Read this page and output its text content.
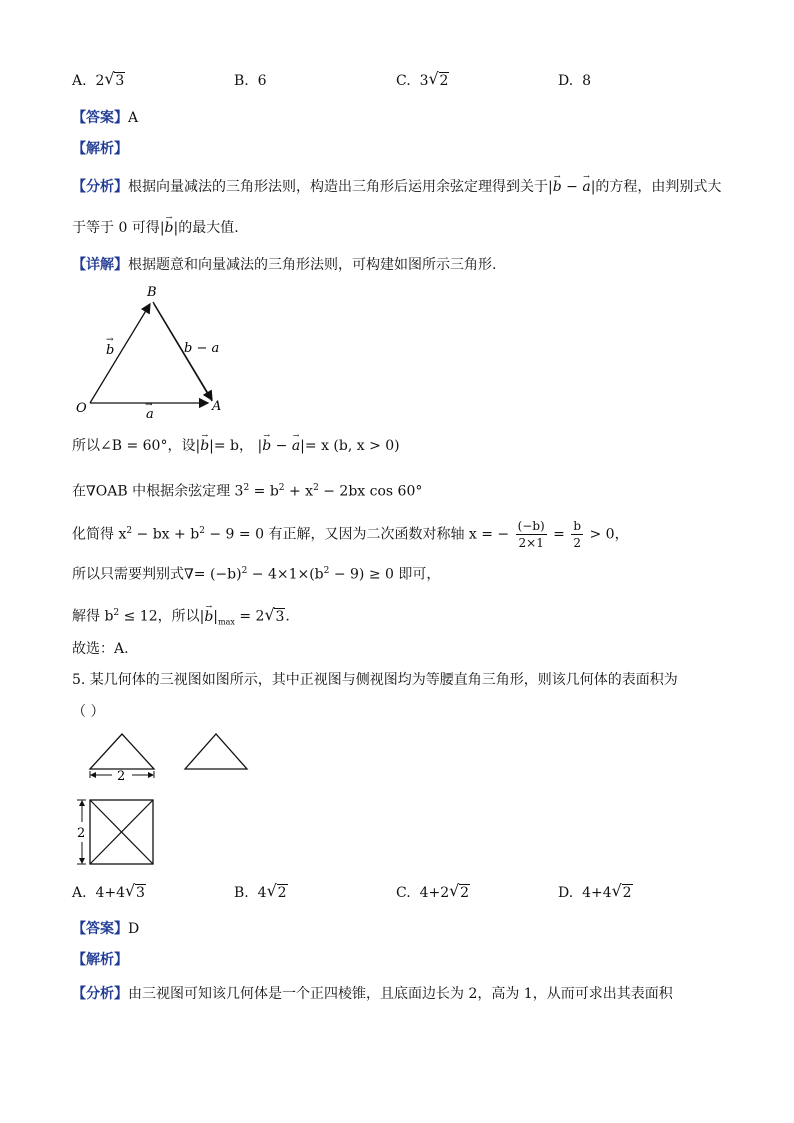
A. 2√ 3	B. 6	C. 3√ 2	D. 8
【答案】A
【解析】
【分析】根据向量减法的三角形法则，构造出三角形后运用余弦定理得到关于|→ b − → a|的方程，由判别式大
于等于 0 可得|→ b|的最大值.
【详解】根据题意和向量减法的三角形法则，可构建如图所示三角形.
B
O	A
b
→
a
→
b − a
所以∠B = 60°，设|→ b|= b， |→ b − → a|= x (b, x > 0)
在∇OAB 中根据余弦定理 $3^2 = b^2 + x^2 - 2bx$ cos 60°
化简得 $x^2$ − bx + $b^2 - 9 = 0$ 有正解，又因为二次函数对称轴 x = − $\frac{(-b)}{2\times 1} = \frac{b}{2} > 0$，
所以只需要判别式∇= $(-b)^2 - 4\times 1\times(b^2 - 9) \ge 0$ 即可，
解得 $b^2 \le 12$，所以|→ $b|_{max} = 2√$ 3.
故选：A.
5. 某几何体的三视图如图所示，其中正视图与侧视图均为等腰直角三角形，则该几何体的表面积为
（ ）
2
2
A. 4+4√ 3	B. 4√ 2	C. 4+2√ 2	D. 4+4√ 2
【答案】D
【解析】
【分析】由三视图可知该几何体是一个正四棱锥，且底面边长为 2，高为 1，从而可求出其表面积
